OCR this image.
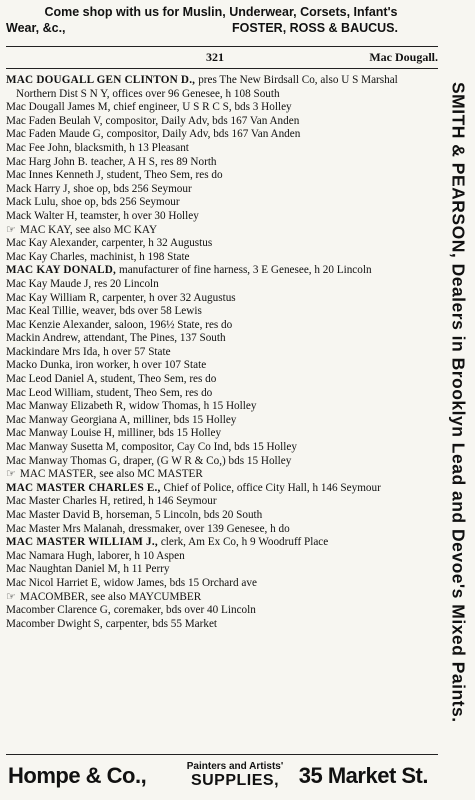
Come shop with us for Muslin, Underwear, Corsets, Infant's
Wear, &c.,	FOSTER, ROSS & BAUCUS.
321	Mac Dougall.
MAC DOUGALL GEN CLINTON D., pres The New Birdsall Co, also U S Marshal Northern Dist S N Y, offices over 96 Genesee, h 108 South
Mac Dougall James M, chief engineer, U S R C S, bds 3 Holley
Mac Faden Beulah V, compositor, Daily Adv, bds 167 Van Anden
Mac Faden Maude G, compositor, Daily Adv, bds 167 Van Anden
Mac Fee John, blacksmith, h 13 Pleasant
Mac Harg John B. teacher, A H S, res 89 North
Mac Innes Kenneth J, student, Theo Sem, res do
Mack Harry J, shoe op, bds 256 Seymour
Mack Lulu, shoe op, bds 256 Seymour
Mack Walter H, teamster, h over 30 Holley
☞ MAC KAY, see also MC KAY
Mac Kay Alexander, carpenter, h 32 Augustus
Mac Kay Charles, machinist, h 198 State
MAC KAY DONALD, manufacturer of fine harness, 3 E Genesee, h 20 Lincoln
Mac Kay Maude J, res 20 Lincoln
Mac Kay William R, carpenter, h over 32 Augustus
Mac Keal Tillie, weaver, bds over 58 Lewis
Mac Kenzie Alexander, saloon, 196½ State, res do
Mackin Andrew, attendant, The Pines, 137 South
Mackindare Mrs Ida, h over 57 State
Macko Dunka, iron worker, h over 107 State
Mac Leod Daniel A, student, Theo Sem, res do
Mac Leod William, student, Theo Sem, res do
Mac Manway Elizabeth R, widow Thomas, h 15 Holley
Mac Manway Georgiana A, milliner, bds 15 Holley
Mac Manway Louise H, milliner, bds 15 Holley
Mac Manway Susetta M, compositor, Cay Co Ind, bds 15 Holley
Mac Manway Thomas G, draper, (G W R & Co,) bds 15 Holley
☞ MAC MASTER, see also MC MASTER
MAC MASTER CHARLES E., Chief of Police, office City Hall, h 146 Seymour
Mac Master Charles H, retired, h 146 Seymour
Mac Master David B, horseman, 5 Lincoln, bds 20 South
Mac Master Mrs Malanah, dressmaker, over 139 Genesee, h do
MAC MASTER WILLIAM J., clerk, Am Ex Co, h 9 Woodruff Place
Mac Namara Hugh, laborer, h 10 Aspen
Mac Naughtan Daniel M, h 11 Perry
Mac Nicol Harriet E, widow James, bds 15 Orchard ave
☞ MACOMBER, see also MAYCUMBER
Macomber Clarence G, coremaker, bds over 40 Lincoln
Macomber Dwight S, carpenter, bds 55 Market	SMITH & PEARSON, Dealers in Brooklyn Lead and Devoe's Mixed Paints.
Hompe & Co.,	Painters and Artists'
SUPPLIES, 35 Market St.
